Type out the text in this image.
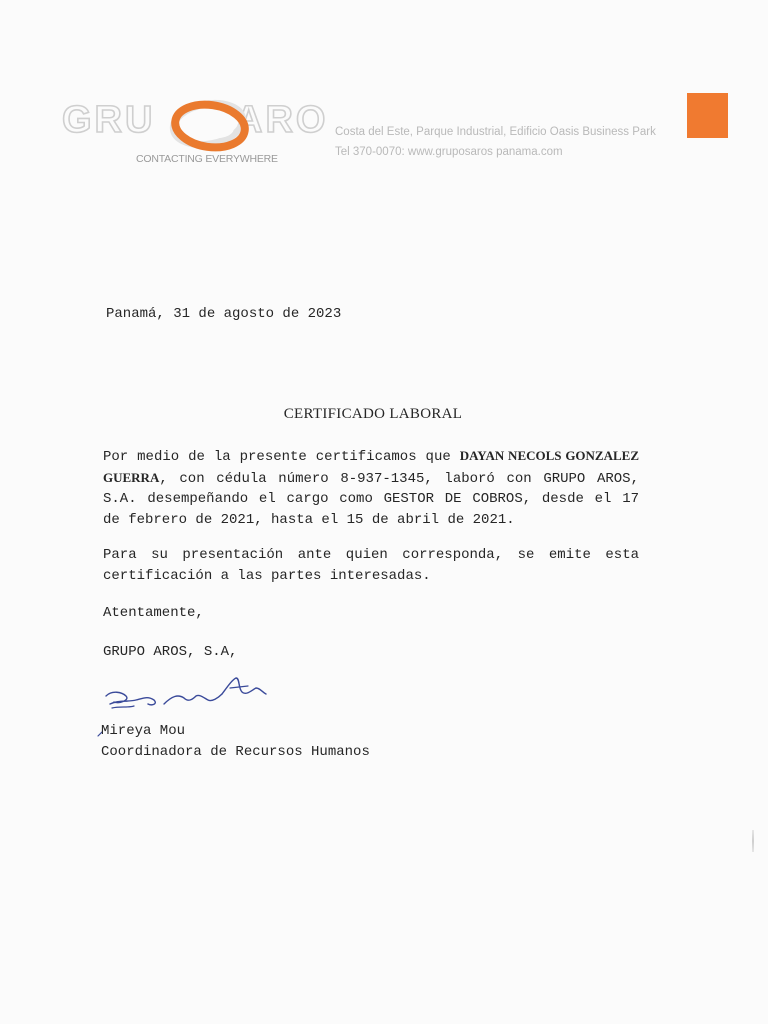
GRU ARO
CONTACTING EVERYWHERE
Costa del Este, Parque Industrial, Edificio Oasis Business Park
Tel 370-0070: www.gruposaros panama.com
Panamá, 31 de agosto de 2023
CERTIFICADO LABORAL
Por medio de la presente certificamos que DAYAN NECOLS GONZALEZ GUERRA, con cédula número 8-937-1345, laboró con GRUPO AROS, S.A. desempeñando el cargo como GESTOR DE COBROS, desde el 17 de febrero de 2021, hasta el 15 de abril de 2021.
Para su presentación ante quien corresponda, se emite esta certificación a las partes interesadas.
Atentamente,
GRUPO AROS, S.A,
Mireya Mou
Coordinadora de Recursos Humanos
